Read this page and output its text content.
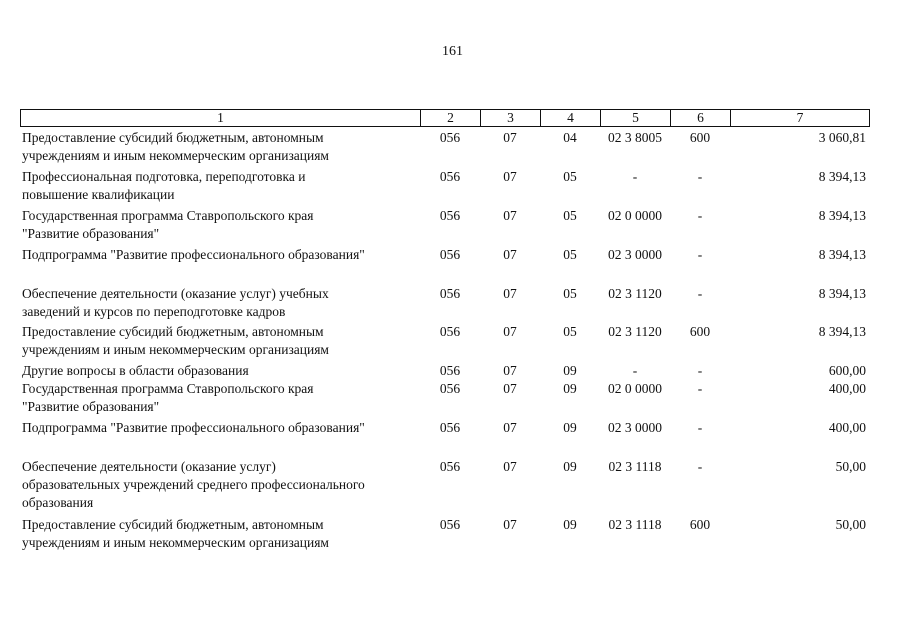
161
1	2	3	4	5	6	7
Предоставление субсидий бюджетным, автономным
учреждениям и иным некоммерческим организациям
056	07	04	02 3 8005	600	3 060,81
Профессиональная подготовка, переподготовка и
повышение квалификации
056	07	05	-	-	8 394,13
Государственная программа Ставропольского края
"Развитие образования"
056	07	05	02 0 0000	-	8 394,13
Подпрограмма "Развитие профессионального образования"	056	07	05	02 3 0000	-	8 394,13
Обеспечение деятельности (оказание услуг) учебных
заведений и курсов по переподготовке кадров
056	07	05	02 3 1120	-	8 394,13
Предоставление субсидий бюджетным, автономным
учреждениям и иным некоммерческим организациям
056	07	05	02 3 1120	600	8 394,13
Другие вопросы в области образования	056	07	09	-	-	600,00
Государственная программа Ставропольского края
"Развитие образования"
056	07	09	02 0 0000	-	400,00
Подпрограмма "Развитие профессионального образования"	056	07	09	02 3 0000	-	400,00
Обеспечение деятельности (оказание услуг)
образовательных учреждений среднего профессионального
образования
056	07	09	02 3 1118	-	50,00
Предоставление субсидий бюджетным, автономным
учреждениям и иным некоммерческим организациям
056	07	09	02 3 1118	600	50,00
